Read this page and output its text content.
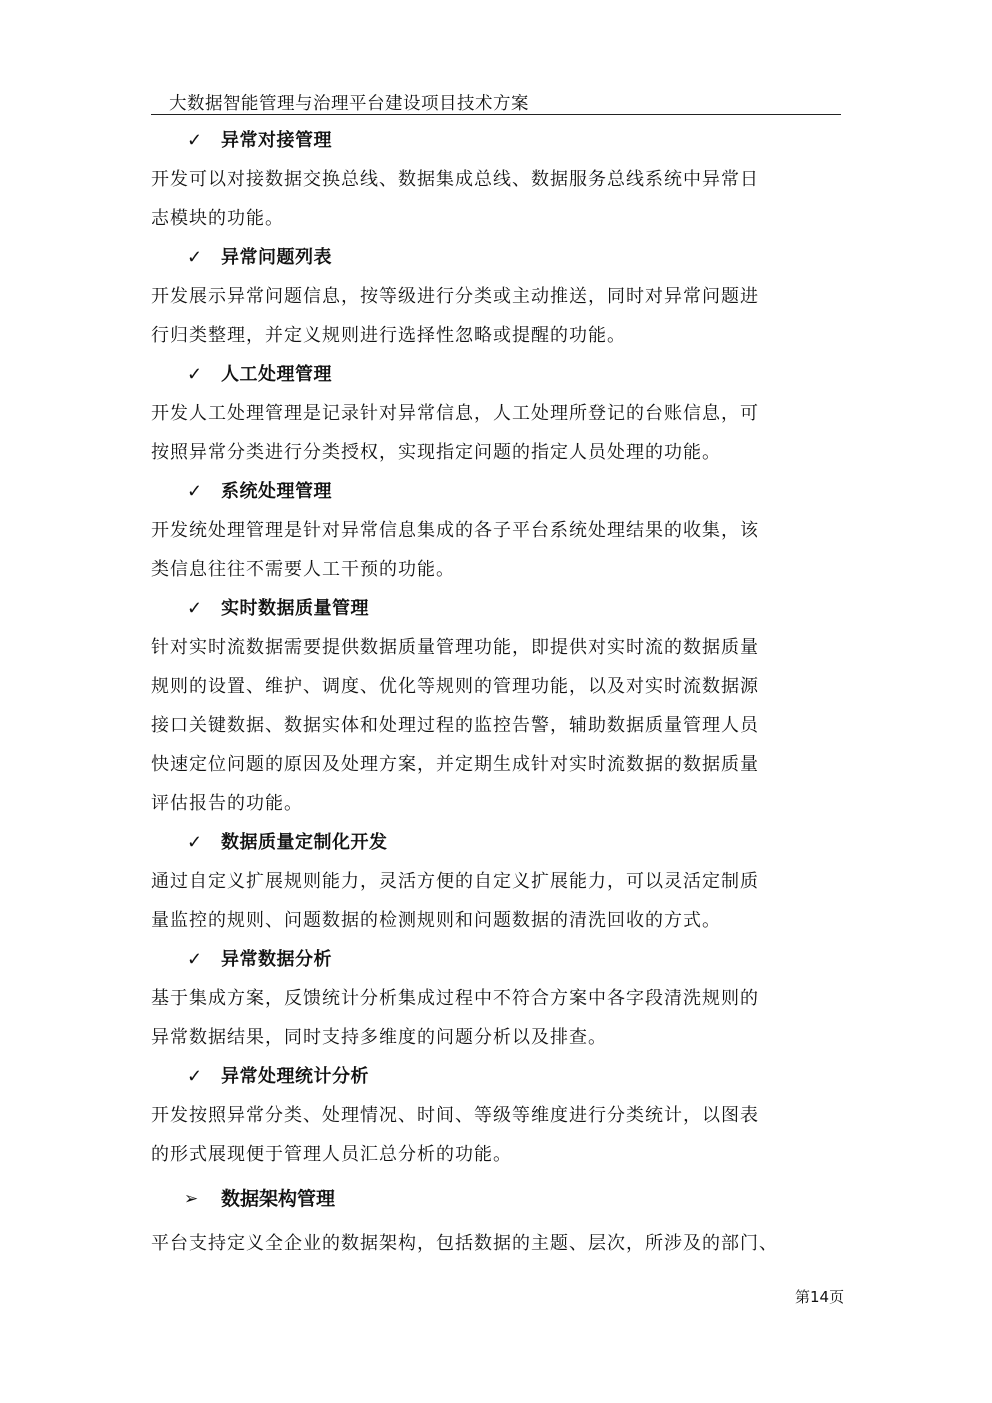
大数据智能管理与治理平台建设项目技术方案
✓ 异常对接管理
开发可以对接数据交换总线、数据集成总线、数据服务总线系统中异常日
志模块的功能。
✓ 异常问题列表
开发展示异常问题信息，按等级进行分类或主动推送，同时对异常问题进
行归类整理，并定义规则进行选择性忽略或提醒的功能。
✓ 人工处理管理
开发人工处理管理是记录针对异常信息，人工处理所登记的台账信息，可
按照异常分类进行分类授权，实现指定问题的指定人员处理的功能。
✓ 系统处理管理
开发统处理管理是针对异常信息集成的各子平台系统处理结果的收集，该
类信息往往不需要人工干预的功能。
✓ 实时数据质量管理
针对实时流数据需要提供数据质量管理功能，即提供对实时流的数据质量
规则的设置、维护、调度、优化等规则的管理功能，以及对实时流数据源
接口关键数据、数据实体和处理过程的监控告警，辅助数据质量管理人员
快速定位问题的原因及处理方案，并定期生成针对实时流数据的数据质量
评估报告的功能。
✓ 数据质量定制化开发
通过自定义扩展规则能力，灵活方便的自定义扩展能力，可以灵活定制质
量监控的规则、问题数据的检测规则和问题数据的清洗回收的方式。
✓ 异常数据分析
基于集成方案，反馈统计分析集成过程中不符合方案中各字段清洗规则的
异常数据结果，同时支持多维度的问题分析以及排查。
✓ 异常处理统计分析
开发按照异常分类、处理情况、时间、等级等维度进行分类统计，以图表
的形式展现便于管理人员汇总分析的功能。
➢ 数据架构管理
平台支持定义全企业的数据架构，包括数据的主题、层次，所涉及的部门、
第14页
